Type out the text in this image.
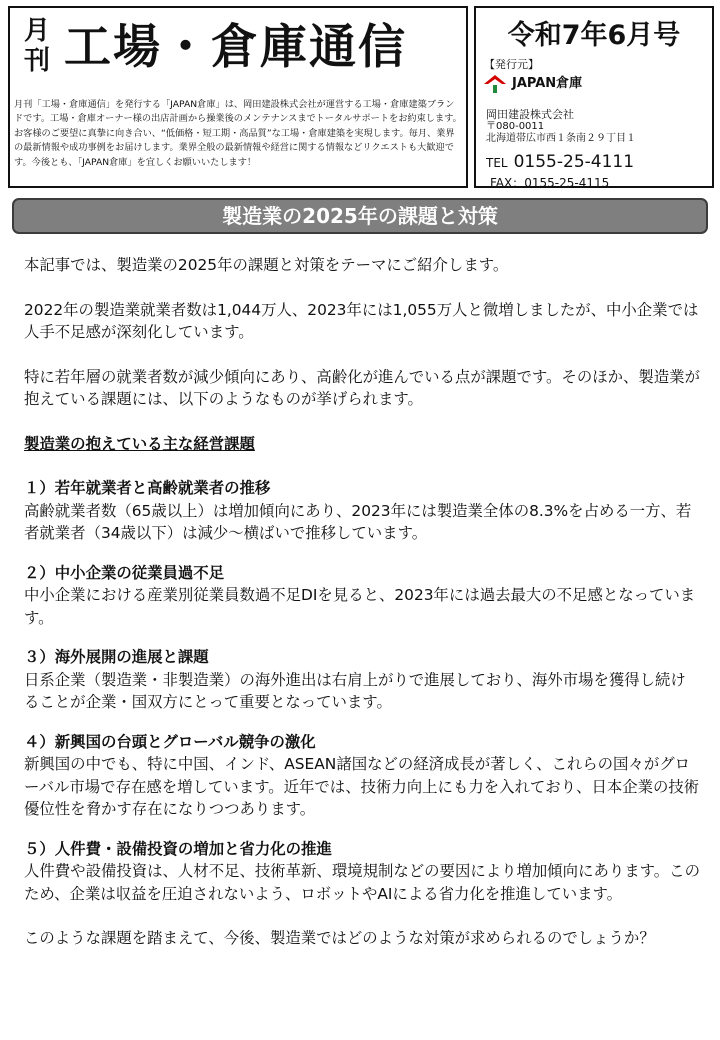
月
刊 工場・倉庫通信

月刊「工場・倉庫通信」を発行する「JAPAN倉庫」は、岡田建設株式会社が運営する工場・倉庫建築ブランドです。工場・倉庫オーナー様の出店計画から操業後のメンテナンスまでトータルサポートをお約束します。お客様のご要望に真摯に向き合い、“低価格・短工期・高品質”な工場・倉庫建築を実現します。毎月、業界の最新情報や成功事例をお届けします。業界全般の最新情報や経営に関する情報などリクエストも大歓迎です。今後とも、「JAPAN倉庫」を宜しくお願いいたします！

令和7年6月号
【発行元】
JAPAN倉庫
岡田建設株式会社
〒080-0011
北海道帯広市西１条南２９丁目１
TEL 0155-25-4111
FAX：0155-25-4115
製造業の2025年の課題と対策

本記事では、製造業の2025年の課題と対策をテーマにご紹介します。

2022年の製造業就業者数は1,044万人、2023年には1,055万人と微増しましたが、中小企業では人手不足感が深刻化しています。

特に若年層の就業者数が減少傾向にあり、高齢化が進んでいる点が課題です。そのほか、製造業が抱えている課題には、以下のようなものが挙げられます。

製造業の抱えている主な経営課題

１）若年就業者と高齢就業者の推移

高齢就業者数（65歳以上）は増加傾向にあり、2023年には製造業全体の8.3%を占める一方、若者就業者（34歳以下）は減少～横ばいで推移しています。

２）中小企業の従業員過不足

中小企業における産業別従業員数過不足DIを見ると、2023年には過去最大の不足感となっています。

３）海外展開の進展と課題

日系企業（製造業・非製造業）の海外進出は右肩上がりで進展しており、海外市場を獲得し続けることが企業・国双方にとって重要となっています。

４）新興国の台頭とグローバル競争の激化

新興国の中でも、特に中国、インド、ASEAN諸国などの経済成長が著しく、これらの国々がグローバル市場で存在感を増しています。近年では、技術力向上にも力を入れており、日本企業の技術優位性を脅かす存在になりつつあります。

５）人件費・設備投資の増加と省力化の推進

人件費や設備投資は、人材不足、技術革新、環境規制などの要因により増加傾向にあります。このため、企業は収益を圧迫されないよう、ロボットやAIによる省力化を推進しています。

このような課題を踏まえて、今後、製造業ではどのような対策が求められるのでしょうか？
